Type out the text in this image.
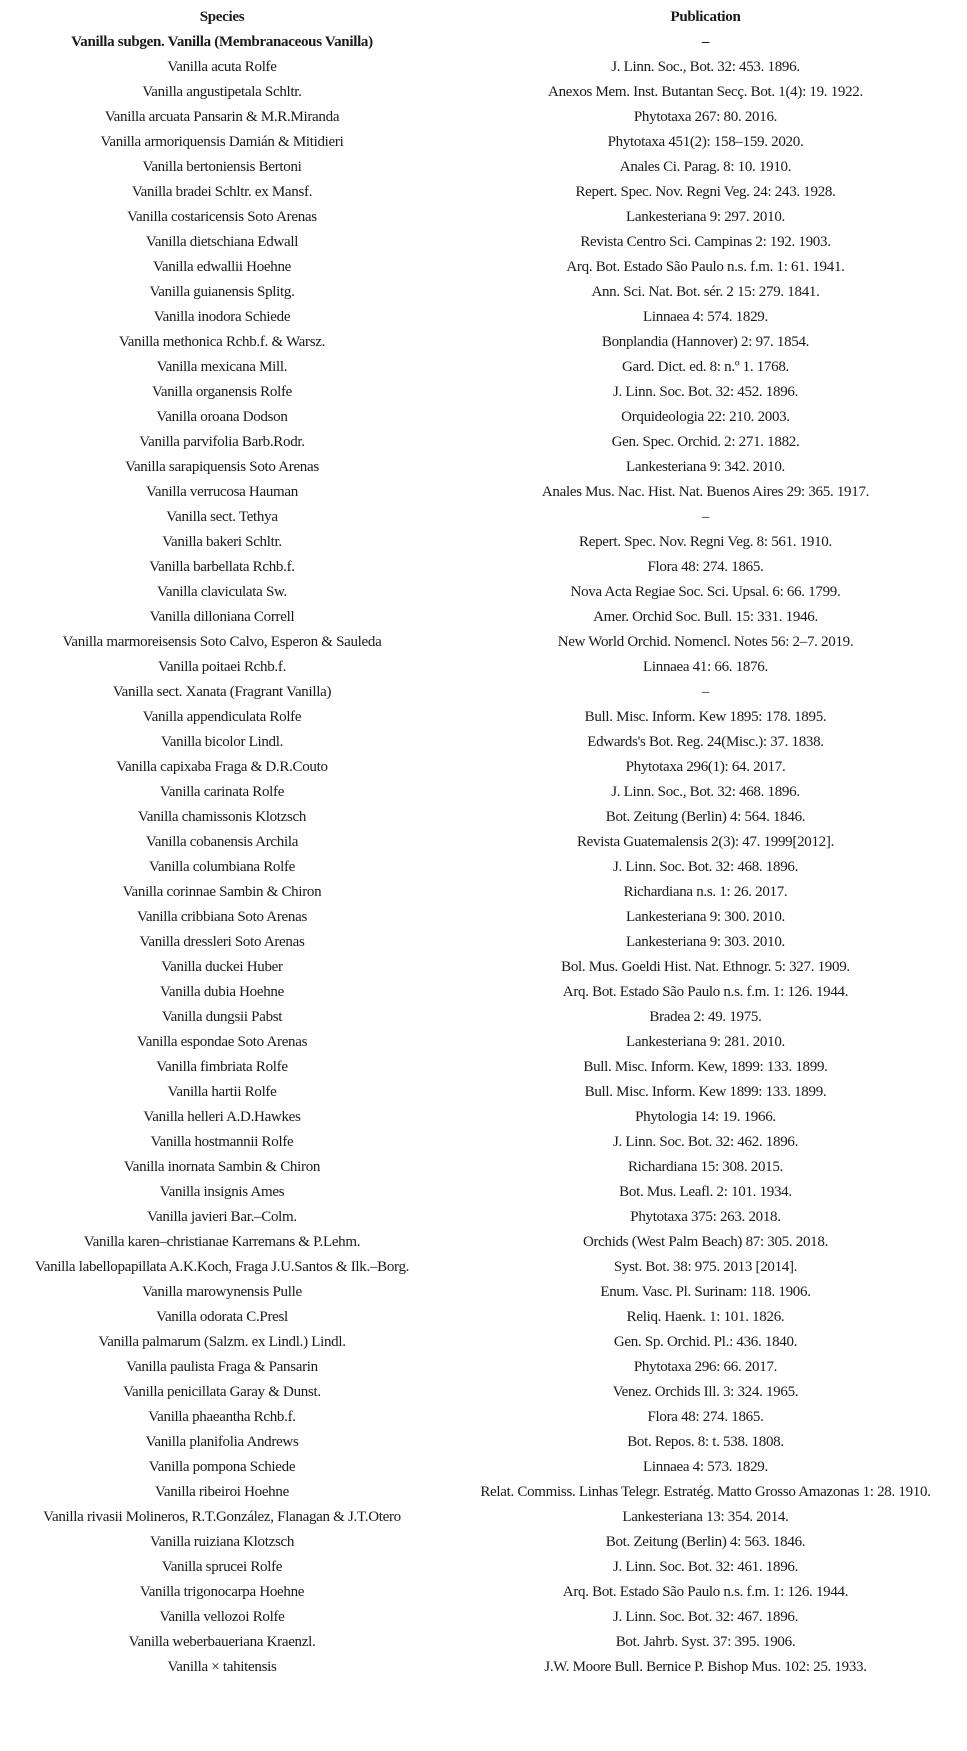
Species	Publication
Vanilla subgen. Vanilla (Membranaceous Vanilla)	–
Vanilla acuta Rolfe	J. Linn. Soc., Bot. 32: 453. 1896.
Vanilla angustipetala Schltr.	Anexos Mem. Inst. Butantan Secç. Bot. 1(4): 19. 1922.
Vanilla arcuata Pansarin & M.R.Miranda	Phytotaxa 267: 80. 2016.
Vanilla armoriquensis Damián & Mitidieri	Phytotaxa 451(2): 158–159. 2020.
Vanilla bertoniensis Bertoni	Anales Ci. Parag. 8: 10. 1910.
Vanilla bradei Schltr. ex Mansf.	Repert. Spec. Nov. Regni Veg. 24: 243. 1928.
Vanilla costaricensis Soto Arenas	Lankesteriana 9: 297. 2010.
Vanilla dietschiana Edwall	Revista Centro Sci. Campinas 2: 192. 1903.
Vanilla edwallii Hoehne	Arq. Bot. Estado São Paulo n.s. f.m. 1: 61. 1941.
Vanilla guianensis Splitg.	Ann. Sci. Nat. Bot. sér. 2 15: 279. 1841.
Vanilla inodora Schiede	Linnaea 4: 574. 1829.
Vanilla methonica Rchb.f. & Warsz.	Bonplandia (Hannover) 2: 97. 1854.
Vanilla mexicana Mill.	Gard. Dict. ed. 8: n.º 1. 1768.
Vanilla organensis Rolfe	J. Linn. Soc. Bot. 32: 452. 1896.
Vanilla oroana Dodson	Orquideologia 22: 210. 2003.
Vanilla parvifolia Barb.Rodr.	Gen. Spec. Orchid. 2: 271. 1882.
Vanilla sarapiquensis Soto Arenas	Lankesteriana 9: 342. 2010.
Vanilla verrucosa Hauman	Anales Mus. Nac. Hist. Nat. Buenos Aires 29: 365. 1917.
Vanilla sect. Tethya	–
Vanilla bakeri Schltr.	Repert. Spec. Nov. Regni Veg. 8: 561. 1910.
Vanilla barbellata Rchb.f.	Flora 48: 274. 1865.
Vanilla claviculata Sw.	Nova Acta Regiae Soc. Sci. Upsal. 6: 66. 1799.
Vanilla dilloniana Correll	Amer. Orchid Soc. Bull. 15: 331. 1946.
Vanilla marmoreisensis Soto Calvo, Esperon & Sauleda	New World Orchid. Nomencl. Notes 56: 2–7. 2019.
Vanilla poitaei Rchb.f.	Linnaea 41: 66. 1876.
Vanilla sect. Xanata (Fragrant Vanilla)	–
Vanilla appendiculata Rolfe	Bull. Misc. Inform. Kew 1895: 178. 1895.
Vanilla bicolor Lindl.	Edwards's Bot. Reg. 24(Misc.): 37. 1838.
Vanilla capixaba Fraga & D.R.Couto	Phytotaxa 296(1): 64. 2017.
Vanilla carinata Rolfe	J. Linn. Soc., Bot. 32: 468. 1896.
Vanilla chamissonis Klotzsch	Bot. Zeitung (Berlin) 4: 564. 1846.
Vanilla cobanensis Archila	Revista Guatemalensis 2(3): 47. 1999[2012].
Vanilla columbiana Rolfe	J. Linn. Soc. Bot. 32: 468. 1896.
Vanilla corinnae Sambin & Chiron	Richardiana n.s. 1: 26. 2017.
Vanilla cribbiana Soto Arenas	Lankesteriana 9: 300. 2010.
Vanilla dressleri Soto Arenas	Lankesteriana 9: 303. 2010.
Vanilla duckei Huber	Bol. Mus. Goeldi Hist. Nat. Ethnogr. 5: 327. 1909.
Vanilla dubia Hoehne	Arq. Bot. Estado São Paulo n.s. f.m. 1: 126. 1944.
Vanilla dungsii Pabst	Bradea 2: 49. 1975.
Vanilla espondae Soto Arenas	Lankesteriana 9: 281. 2010.
Vanilla fimbriata Rolfe	Bull. Misc. Inform. Kew, 1899: 133. 1899.
Vanilla hartii Rolfe	Bull. Misc. Inform. Kew 1899: 133. 1899.
Vanilla helleri A.D.Hawkes	Phytologia 14: 19. 1966.
Vanilla hostmannii Rolfe	J. Linn. Soc. Bot. 32: 462. 1896.
Vanilla inornata Sambin & Chiron	Richardiana 15: 308. 2015.
Vanilla insignis Ames	Bot. Mus. Leafl. 2: 101. 1934.
Vanilla javieri Bar.–Colm.	Phytotaxa 375: 263. 2018.
Vanilla karen–christianae Karremans & P.Lehm.	Orchids (West Palm Beach) 87: 305. 2018.
Vanilla labellopapillata A.K.Koch, Fraga J.U.Santos & Ilk.–Borg.	Syst. Bot. 38: 975. 2013 [2014].
Vanilla marowynensis Pulle	Enum. Vasc. Pl. Surinam: 118. 1906.
Vanilla odorata C.Presl	Reliq. Haenk. 1: 101. 1826.
Vanilla palmarum (Salzm. ex Lindl.) Lindl.	Gen. Sp. Orchid. Pl.: 436. 1840.
Vanilla paulista Fraga & Pansarin	Phytotaxa 296: 66. 2017.
Vanilla penicillata Garay & Dunst.	Venez. Orchids Ill. 3: 324. 1965.
Vanilla phaeantha Rchb.f.	Flora 48: 274. 1865.
Vanilla planifolia Andrews	Bot. Repos. 8: t. 538. 1808.
Vanilla pompona Schiede	Linnaea 4: 573. 1829.
Vanilla ribeiroi Hoehne	Relat. Commiss. Linhas Telegr. Estratég. Matto Grosso Amazonas 1: 28. 1910.
Vanilla rivasii Molineros, R.T.González, Flanagan & J.T.Otero	Lankesteriana 13: 354. 2014.
Vanilla ruiziana Klotzsch	Bot. Zeitung (Berlin) 4: 563. 1846.
Vanilla sprucei Rolfe	J. Linn. Soc. Bot. 32: 461. 1896.
Vanilla trigonocarpa Hoehne	Arq. Bot. Estado São Paulo n.s. f.m. 1: 126. 1944.
Vanilla vellozoi Rolfe	J. Linn. Soc. Bot. 32: 467. 1896.
Vanilla weberbaueriana Kraenzl.	Bot. Jahrb. Syst. 37: 395. 1906.
Vanilla × tahitensis	J.W. Moore Bull. Bernice P. Bishop Mus. 102: 25. 1933.
